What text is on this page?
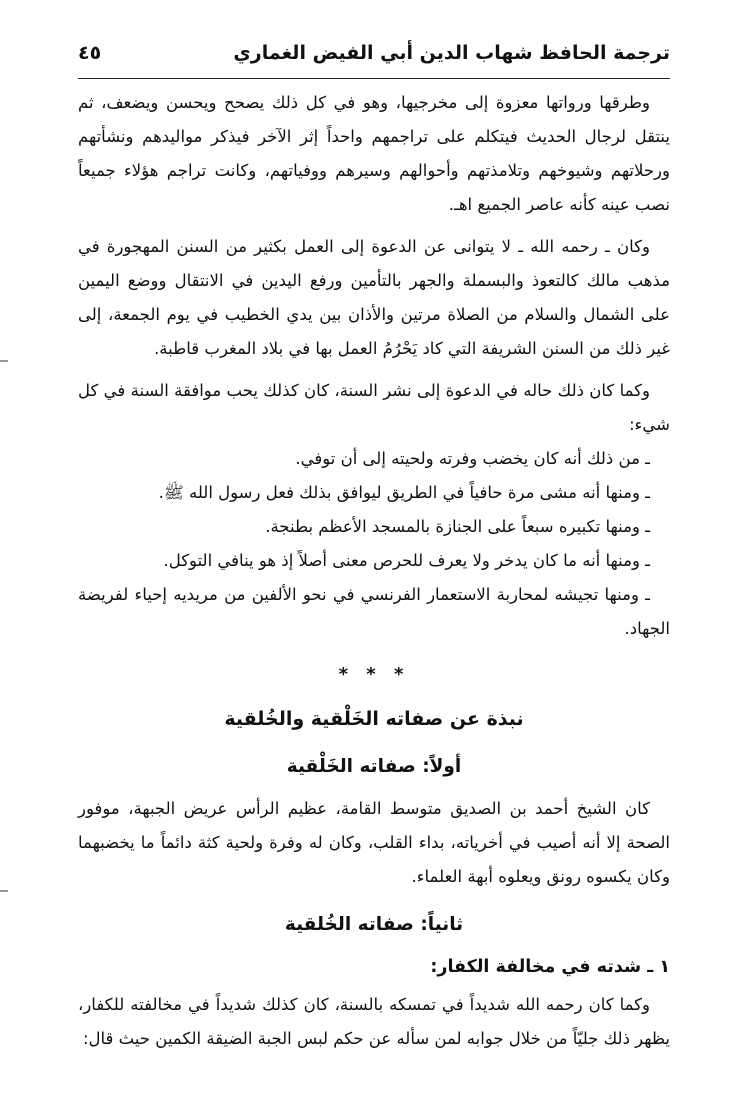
ترجمة الحافظ شهاب الدين أبي الفيض الغماري
٤٥

وطرقها ورواتها معزوة إلى مخرجيها، وهو في كل ذلك يصحح ويحسن ويضعف، ثم ينتقل لرجال الحديث فيتكلم على تراجمهم واحداً إثر الآخر فيذكر مواليدهم ونشأتهم ورحلاتهم وشيوخهم وتلامذتهم وأحوالهم وسيرهم ووفياتهم، وكانت تراجم هؤلاء جميعاً نصب عينه كأنه عاصر الجميع اهـ.

وكان ـ رحمه الله ـ لا يتوانى عن الدعوة إلى العمل بكثير من السنن المهجورة في مذهب مالك كالتعوذ والبسملة والجهر بالتأمين ورفع اليدين في الانتقال ووضع اليمين على الشمال والسلام من الصلاة مرتين والأذان بين يدي الخطيب في يوم الجمعة، إلى غير ذلك من السنن الشريفة التي كاد يَحْرُمُ العمل بها في بلاد المغرب قاطبة.

وكما كان ذلك حاله في الدعوة إلى نشر السنة، كان كذلك يحب موافقة السنة في كل شيء:

ـ من ذلك أنه كان يخضب وفرته ولحيته إلى أن توفي.

ـ ومنها أنه مشى مرة حافياً في الطريق ليوافق بذلك فعل رسول الله ﷺ.

ـ ومنها تكبيره سبعاً على الجنازة بالمسجد الأعظم بطنجة.

ـ ومنها أنه ما كان يدخر ولا يعرف للحرص معنى أصلاً إذ هو ينافي التوكل.

ـ ومنها تجيشه لمحاربة الاستعمار الفرنسي في نحو الألفين من مريديه إحياء لفريضة الجهاد.

* * *

نبذة عن صفاته الخَلْقية والخُلقية

أولاً: صفاته الخَلْقية

كان الشيخ أحمد بن الصديق متوسط القامة، عظيم الرأس عريض الجبهة، موفور الصحة إلا أنه أصيب في أخرياته، بداء القلب، وكان له وفرة ولحية كثة دائماً ما يخضبهما وكان يكسوه رونق ويعلوه أبهة العلماء.

ثانياً: صفاته الخُلقية

١ ـ شدته في مخالفة الكفار:

وكما كان رحمه الله شديداً في تمسكه بالسنة، كان كذلك شديداً في مخالفته للكفار، يظهر ذلك جليّاً من خلال جوابه لمن سأله عن حكم لبس الجبة الضيقة الكمين حيث قال:
